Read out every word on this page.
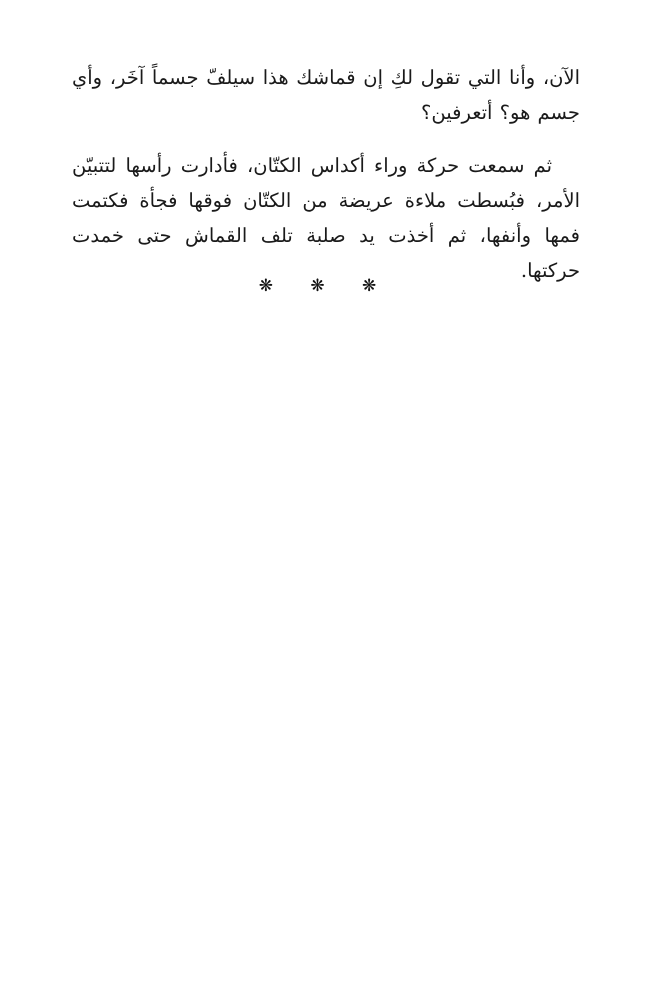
الآن، وأنا التي تقول لكِ إن قماشك هذا سيلفّ جسماً آخَر، وأي جسم هو؟ أتعرفين؟

ثم سمعت حركة وراء أكداس الكتّان، فأدارت رأسها لتتبيّن الأمر، فبُسطت ملاءة عريضة من الكتّان فوقها فجأة فكتمت فمها وأنفها، ثم أخذت يد صلبة تلف القماش حتى خمدت حركتها.

❋ ❋ ❋
